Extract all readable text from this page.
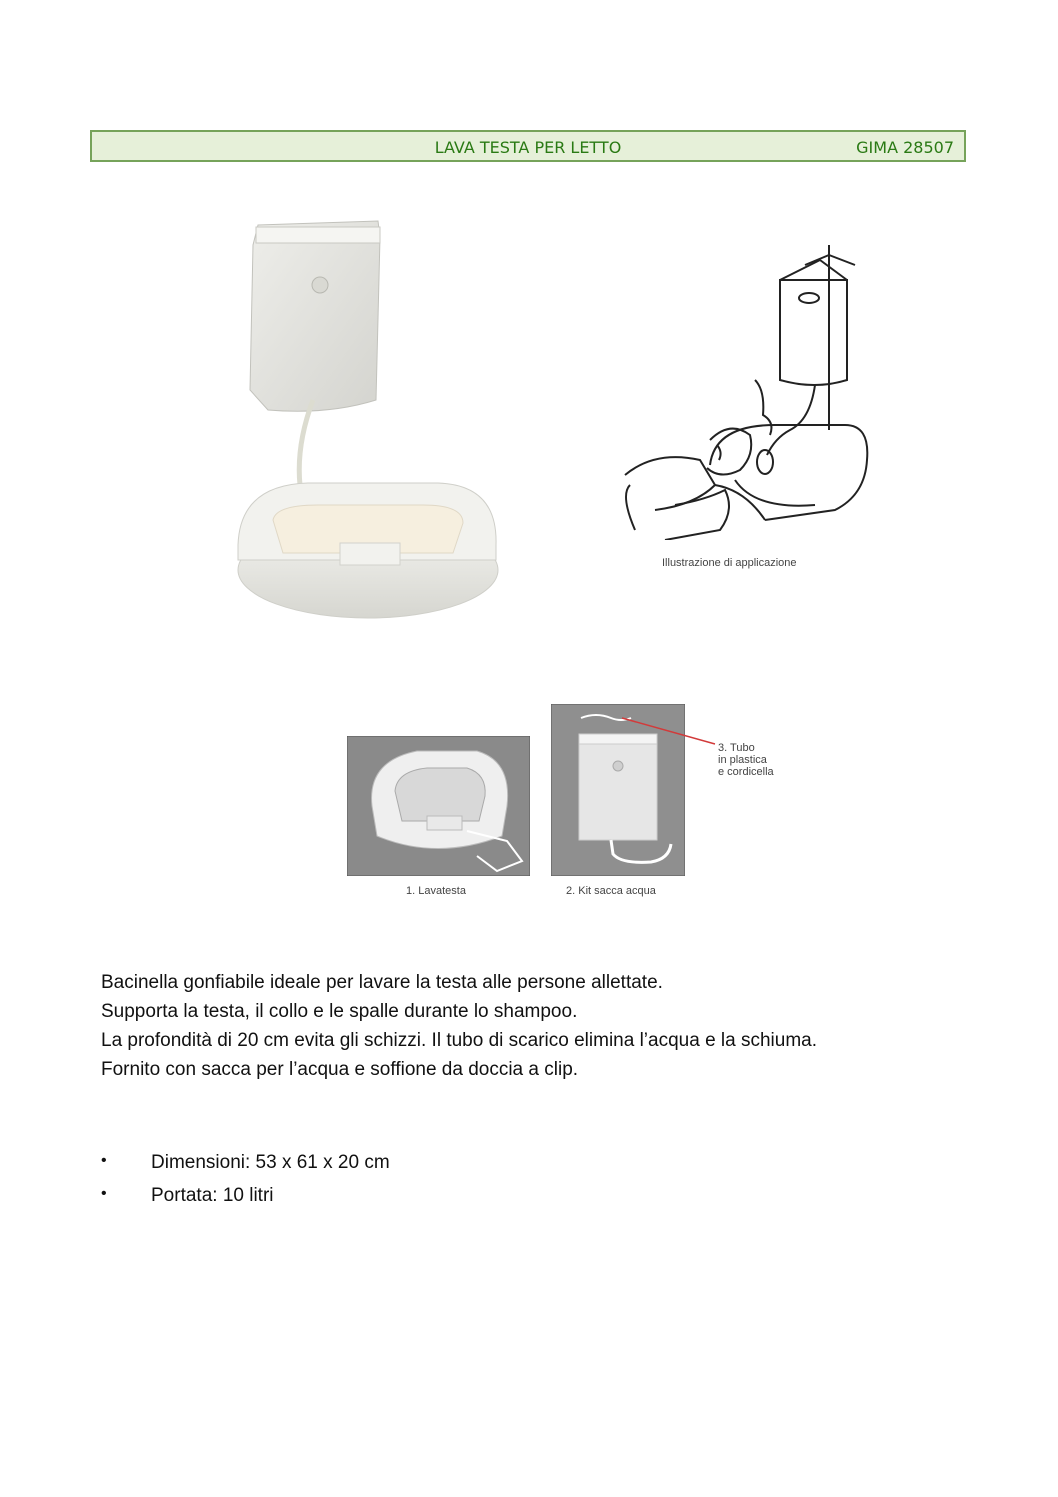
LAVA TESTA PER LETTO	GIMA 28507
Illustrazione di applicazione
1. Lavatesta	2. Kit sacca acqua
3. Tubo
in plastica
e cordicella
Bacinella gonfiabile ideale per lavare la testa alle persone allettate.
Supporta la testa, il collo e le spalle durante lo shampoo.
La profondità di 20 cm evita gli schizzi. Il tubo di scarico elimina l’acqua e la schiuma.
Fornito con sacca per l’acqua e soffione da doccia a clip.
• Dimensioni: 53 x 61 x 20 cm
• Portata: 10 litri
